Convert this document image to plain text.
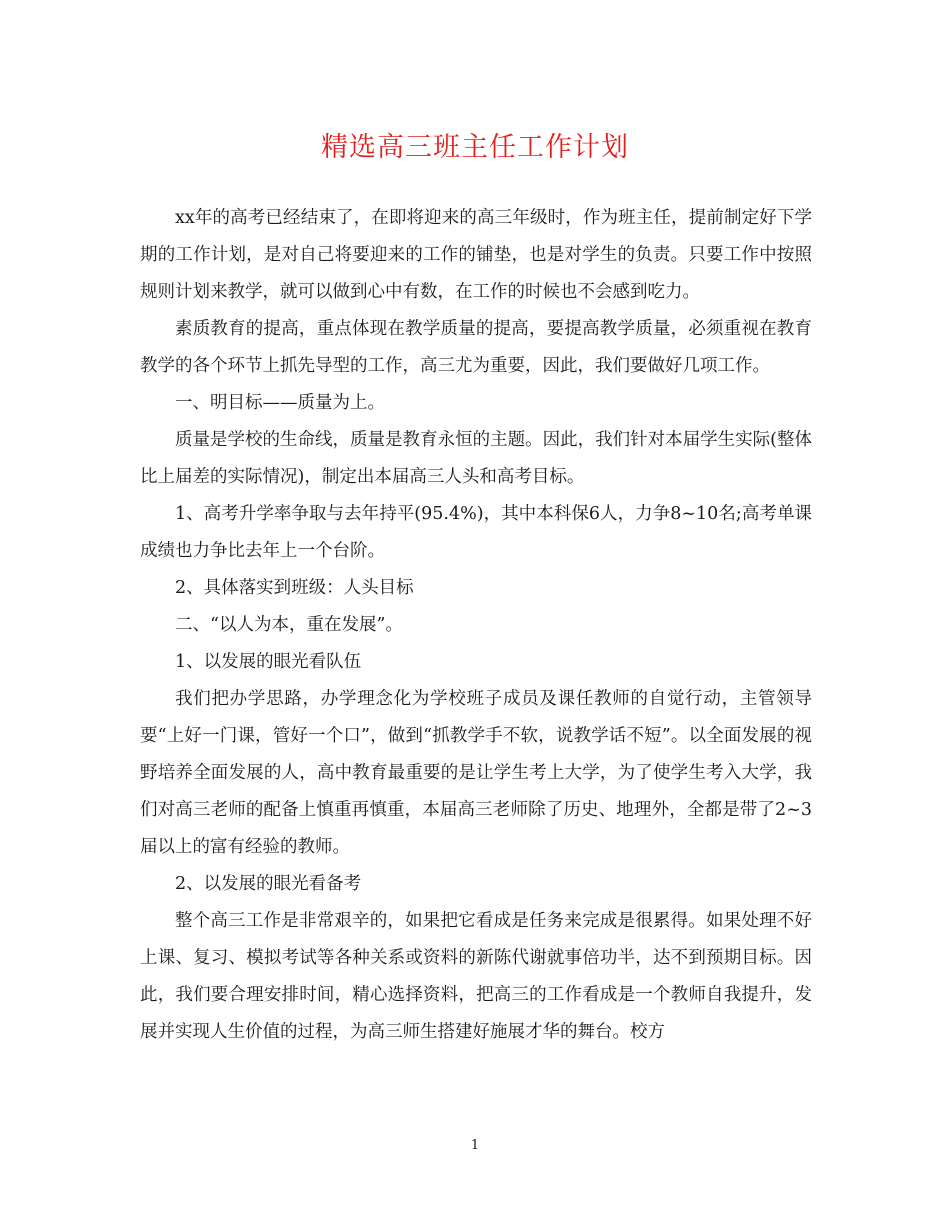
精选高三班主任工作计划

xx年的高考已经结束了，在即将迎来的高三年级时，作为班主任，提前制定好下学期的工作计划，是对自己将要迎来的工作的铺垫，也是对学生的负责。只要工作中按照规则计划来教学，就可以做到心中有数，在工作的时候也不会感到吃力。

素质教育的提高，重点体现在教学质量的提高，要提高教学质量，必须重视在教育教学的各个环节上抓先导型的工作，高三尤为重要，因此，我们要做好几项工作。

一、明目标——质量为上。

质量是学校的生命线，质量是教育永恒的主题。因此，我们针对本届学生实际(整体比上届差的实际情况)，制定出本届高三人头和高考目标。

1、高考升学率争取与去年持平(95.4%)，其中本科保6人，力争8~10名;高考单课成绩也力争比去年上一个台阶。

2、具体落实到班级：人头目标

二、“以人为本，重在发展”。

1、以发展的眼光看队伍

我们把办学思路，办学理念化为学校班子成员及课任教师的自觉行动，主管领导要“上好一门课，管好一个口”，做到“抓教学手不软，说教学话不短”。以全面发展的视野培养全面发展的人，高中教育最重要的是让学生考上大学，为了使学生考入大学，我们对高三老师的配备上慎重再慎重，本届高三老师除了历史、地理外，全都是带了2~3届以上的富有经验的教师。

2、以发展的眼光看备考

整个高三工作是非常艰辛的，如果把它看成是任务来完成是很累得。如果处理不好上课、复习、模拟考试等各种关系或资料的新陈代谢就事倍功半，达不到预期目标。因此，我们要合理安排时间，精心选择资料，把高三的工作看成是一个教师自我提升，发展并实现人生价值的过程，为高三师生搭建好施展才华的舞台。校方

1
